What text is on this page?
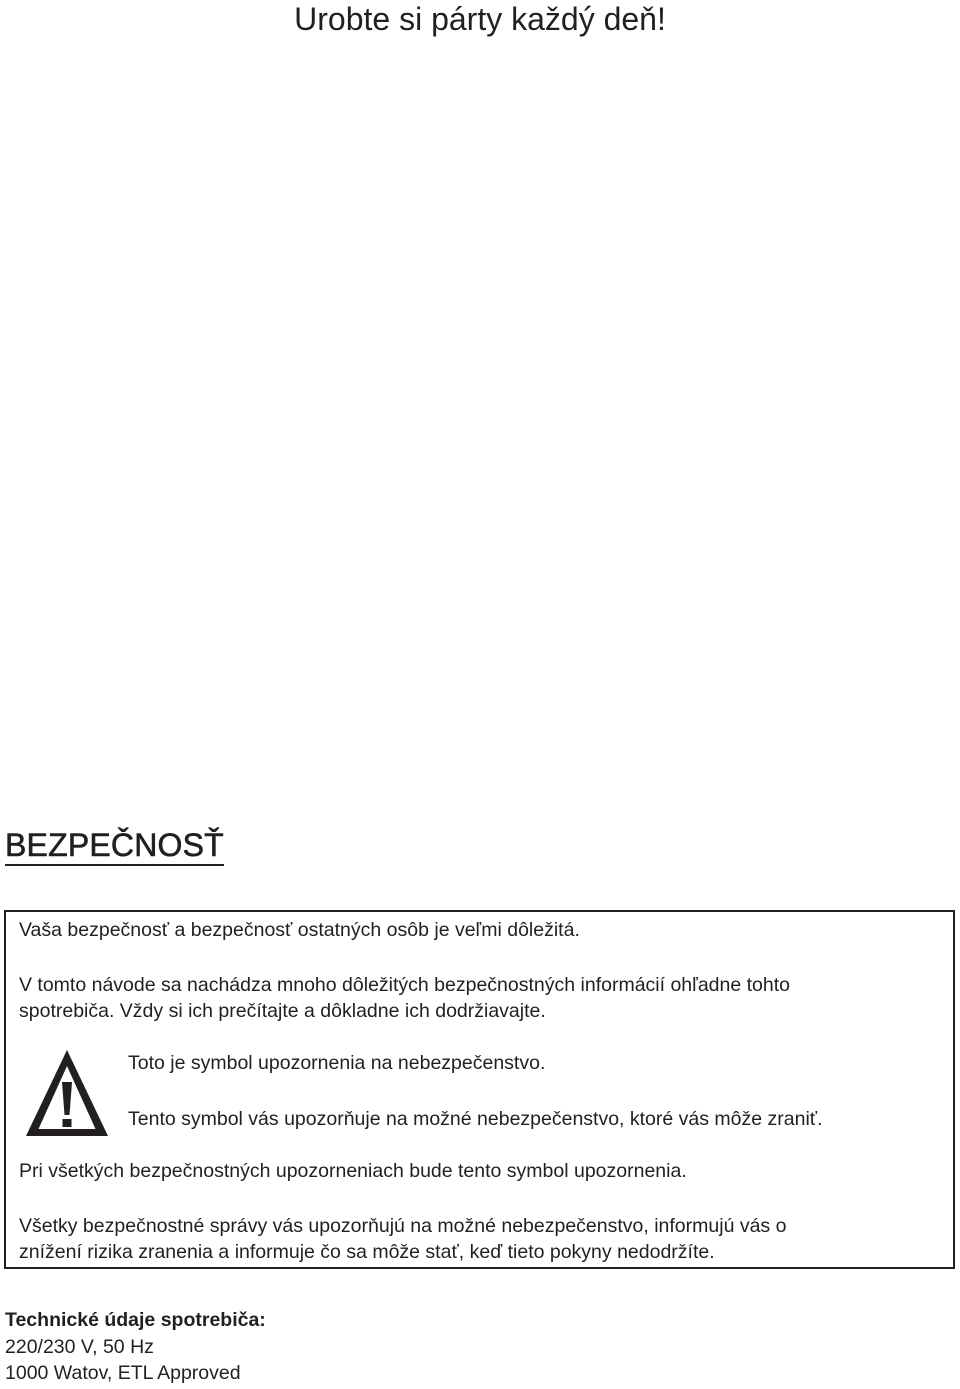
Urobte si párty každý deň!
BEZPEČNOSŤ

Vaša bezpečnosť a bezpečnosť ostatných osôb je veľmi dôležitá.

V tomto návode sa nachádza mnoho dôležitých bezpečnostných informácií ohľadne tohto

spotrebiča. Vždy si ich prečítajte a dôkladne ich dodržiavajte.

Toto je symbol upozornenia na nebezpečenstvo.

Tento symbol vás upozorňuje na možné nebezpečenstvo, ktoré vás môže zraniť.

Pri všetkých bezpečnostných upozorneniach bude tento symbol upozornenia.

Všetky bezpečnostné správy vás upozorňujú na možné nebezpečenstvo, informujú vás o

znížení rizika zranenia a informuje čo sa môže stať, keď tieto pokyny nedodržíte.

Technické údaje spotrebiča:
220/230 V, 50 Hz
1000 Watov, ETL Approved
